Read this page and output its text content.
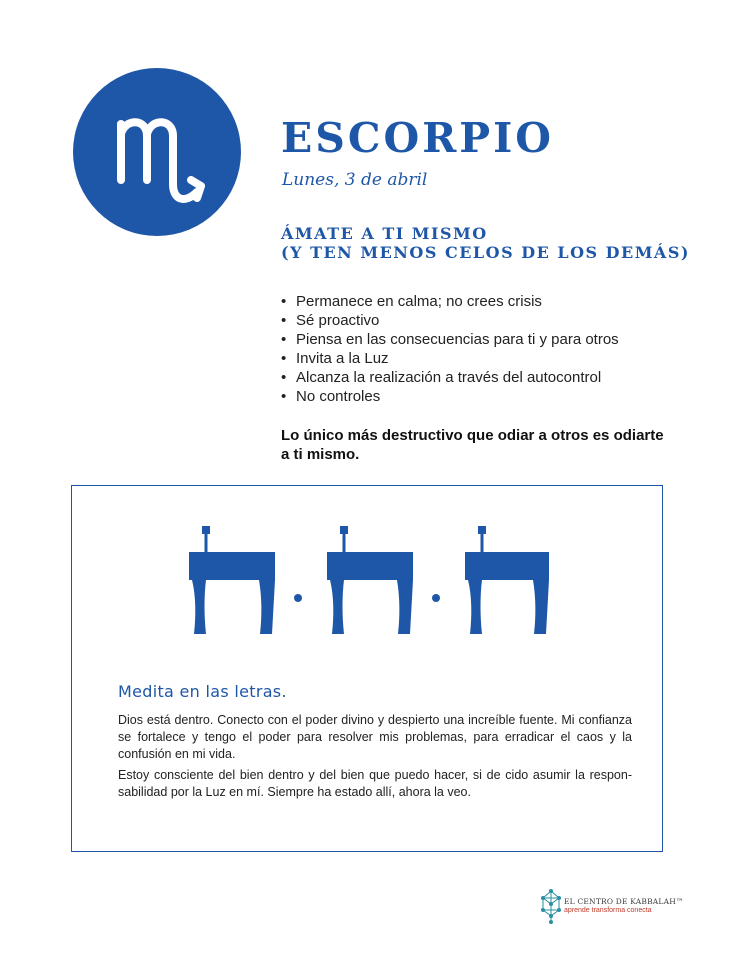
ESCORPIO
Lunes, 3 de abril
ÁMATE A TI MISMO
(Y TEN MENOS CELOS DE LOS DEMÁS)
• Permanece en calma; no crees crisis
• Sé proactivo
• Piensa en las consecuencias para ti y para otros
• Invita a la Luz
• Alcanza la realización a través del autocontrol
• No controles
Lo único más destructivo que odiar a otros es odiarte a ti mismo.
Medita en las letras.
Dios está dentro. Conecto con el poder divino y despierto una increíble fuente. Mi confianza se fortalece y tengo el poder para resolver mis problemas, para erradicar el caos y la confusión en mi vida.
Estoy consciente del bien dentro y del bien que puedo hacer, si de cido asumir la respon-sabilidad por la Luz en mí. Siempre ha estado allí, ahora la veo.
EL CENTRO DE KABBALAH™
aprende transforma conecta
